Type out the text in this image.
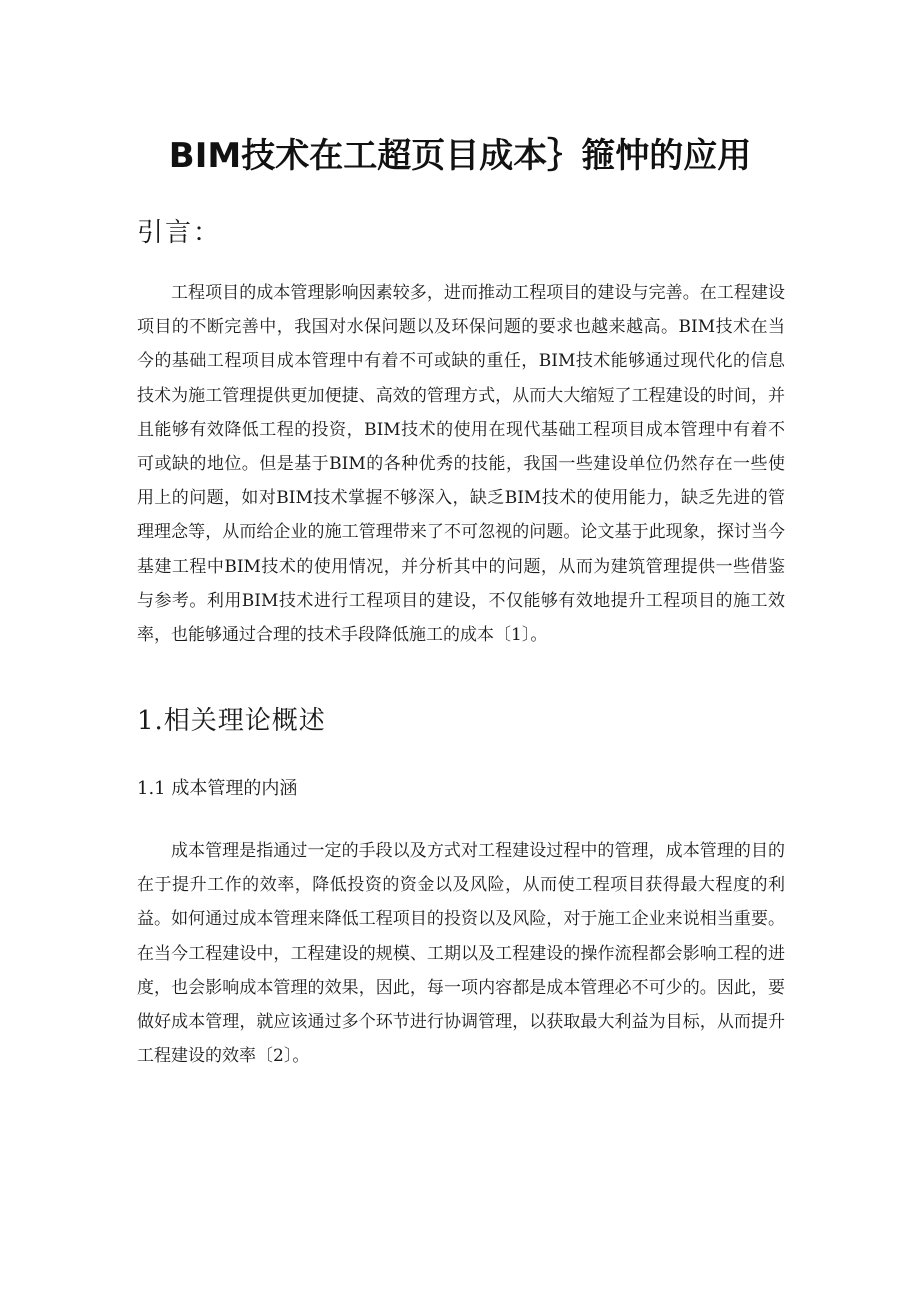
BIM技术在工超页目成本｝箍忡的应用
引言：
工程项目的成本管理影响因素较多，进而推动工程项目的建设与完善。在工程建设项目的不断完善中，我国对水保问题以及环保问题的要求也越来越高。BIM技术在当今的基础工程项目成本管理中有着不可或缺的重任，BIM技术能够通过现代化的信息技术为施工管理提供更加便捷、高效的管理方式，从而大大缩短了工程建设的时间，并且能够有效降低工程的投资，BIM技术的使用在现代基础工程项目成本管理中有着不可或缺的地位。但是基于BIM的各种优秀的技能，我国一些建设单位仍然存在一些使用上的问题，如对BIM技术掌握不够深入，缺乏BIM技术的使用能力，缺乏先进的管理理念等，从而给企业的施工管理带来了不可忽视的问题。论文基于此现象，探讨当今基建工程中BIM技术的使用情况，并分析其中的问题，从而为建筑管理提供一些借鉴与参考。利用BIM技术进行工程项目的建设，不仅能够有效地提升工程项目的施工效率，也能够通过合理的技术手段降低施工的成本〔1〕。
1.相关理论概述
1.1 成本管理的内涵
成本管理是指通过一定的手段以及方式对工程建设过程中的管理，成本管理的目的在于提升工作的效率，降低投资的资金以及风险，从而使工程项目获得最大程度的利益。如何通过成本管理来降低工程项目的投资以及风险，对于施工企业来说相当重要。在当今工程建设中，工程建设的规模、工期以及工程建设的操作流程都会影响工程的进度，也会影响成本管理的效果，因此，每一项内容都是成本管理必不可少的。因此，要做好成本管理，就应该通过多个环节进行协调管理，以获取最大利益为目标，从而提升工程建设的效率〔2〕。
